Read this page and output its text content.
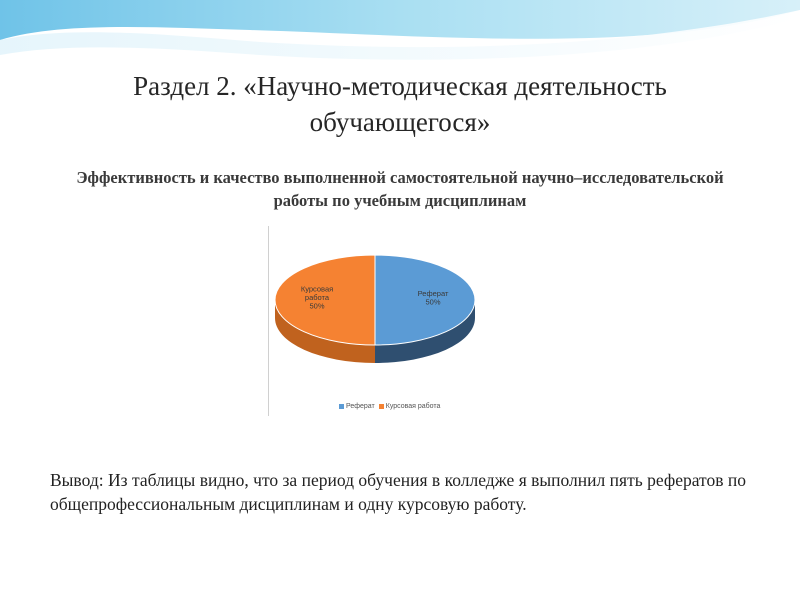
Раздел 2. «Научно-методическая деятельность обучающегося»
Эффективность и качество выполненной самостоятельной научно–исследовательской работы по учебным дисциплинам
Реферат 50%
Курсовая работа 50%
Реферат Курсовая работа
Вывод: Из таблицы видно, что за период обучения в колледже я выполнил пять рефератов по общепрофессиональным дисциплинам и одну курсовую работу.
